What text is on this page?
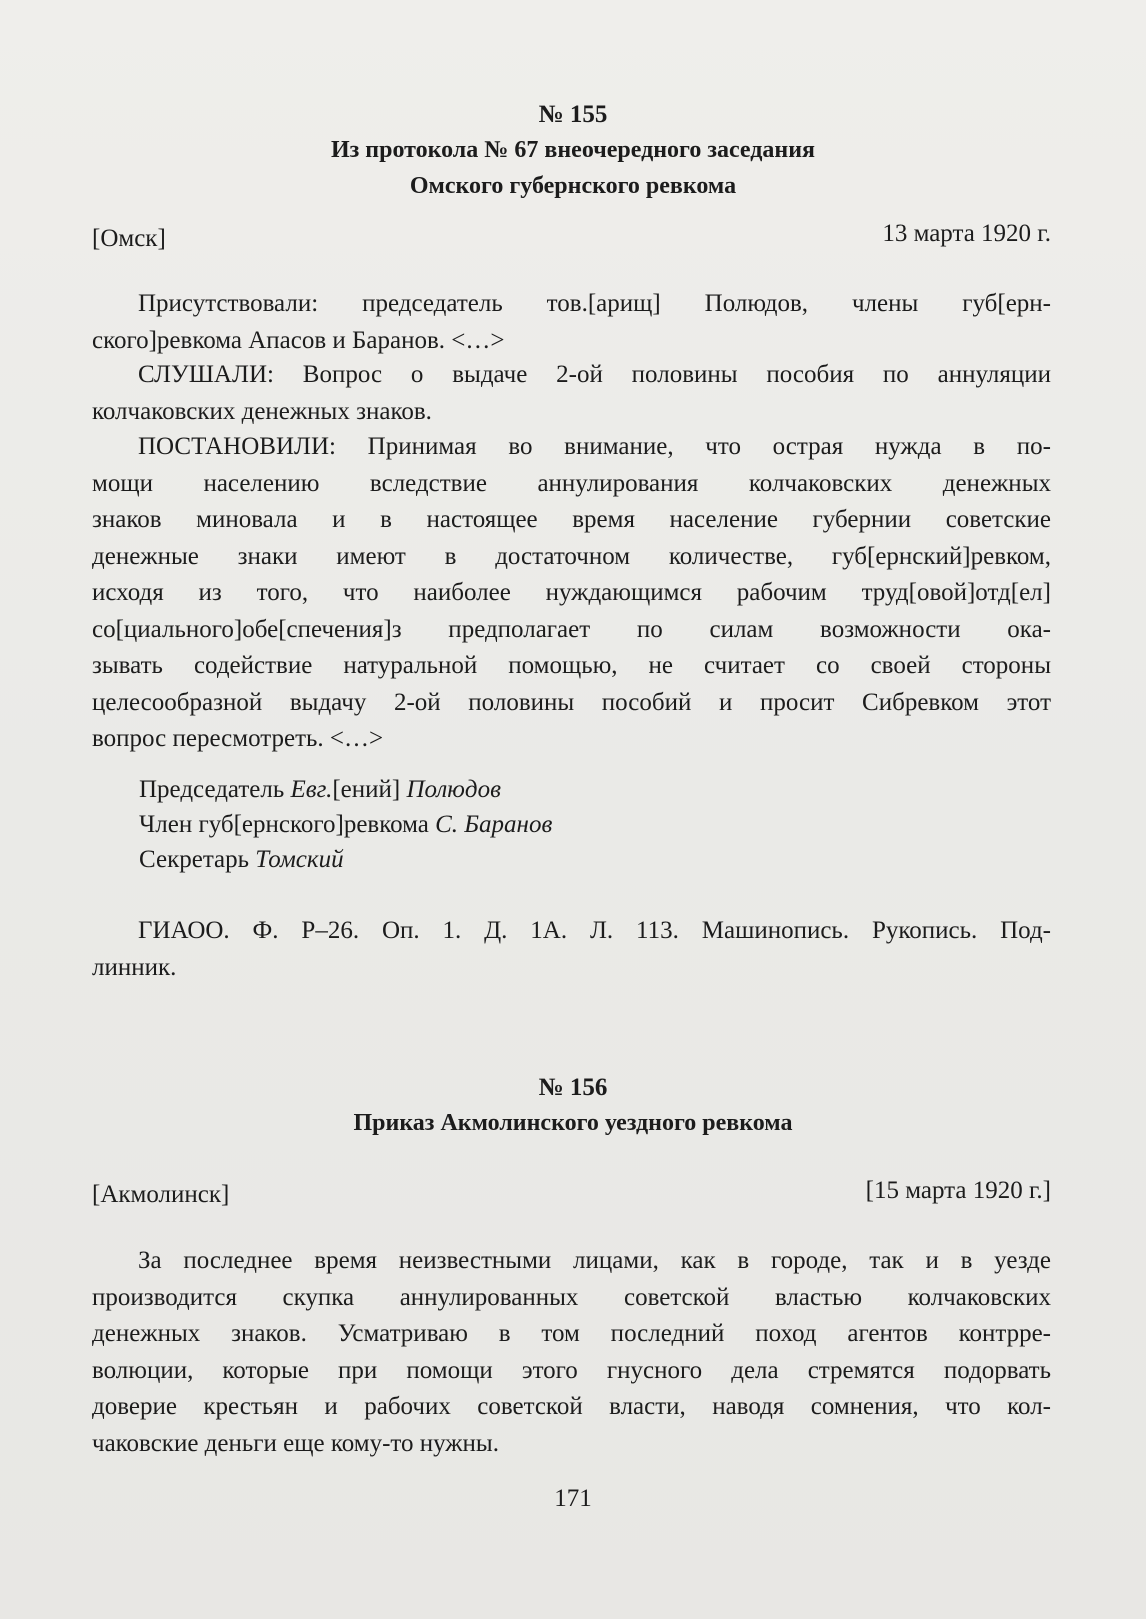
№ 155
Из протокола № 67 внеочередного заседания
Омского губернского ревкома
[Омск]	13 марта 1920 г.
Присутствовали: председатель тов.[арищ] Полюдов, члены губ[ерн-
ского]ревкома Апасов и Баранов. <…>
СЛУШАЛИ: Вопрос о выдаче 2-ой половины пособия по аннуляции
колчаковских денежных знаков.
ПОСТАНОВИЛИ: Принимая во внимание, что острая нужда в по-
мощи населению вследствие аннулирования колчаковских денежных
знаков миновала и в настоящее время население губернии советские
денежные знаки имеют в достаточном количестве, губ[ернский]ревком,
исходя из того, что наиболее нуждающимся рабочим труд[овой]отд[ел]
со[циального]обе[спечения]з предполагает по силам возможности ока-
зывать содействие натуральной помощью, не считает со своей стороны
целесообразной выдачу 2-ой половины пособий и просит Сибревком этот
вопрос пересмотреть. <…>
Председатель Евг.[ений] Полюдов
Член губ[ернского]ревкома С. Баранов
Секретарь Томский
ГИАОО. Ф. Р–26. Оп. 1. Д. 1А. Л. 113. Машинопись. Рукопись. Под-
линник.
№ 156
Приказ Акмолинского уездного ревкома
[Акмолинск]	[15 марта 1920 г.]
За последнее время неизвестными лицами, как в городе, так и в уезде
производится скупка аннулированных советской властью колчаковских
денежных знаков. Усматриваю в том последний поход агентов контрре-
волюции, которые при помощи этого гнусного дела стремятся подорвать
доверие крестьян и рабочих советской власти, наводя сомнения, что кол-
чаковские деньги еще кому-то нужны.
171
